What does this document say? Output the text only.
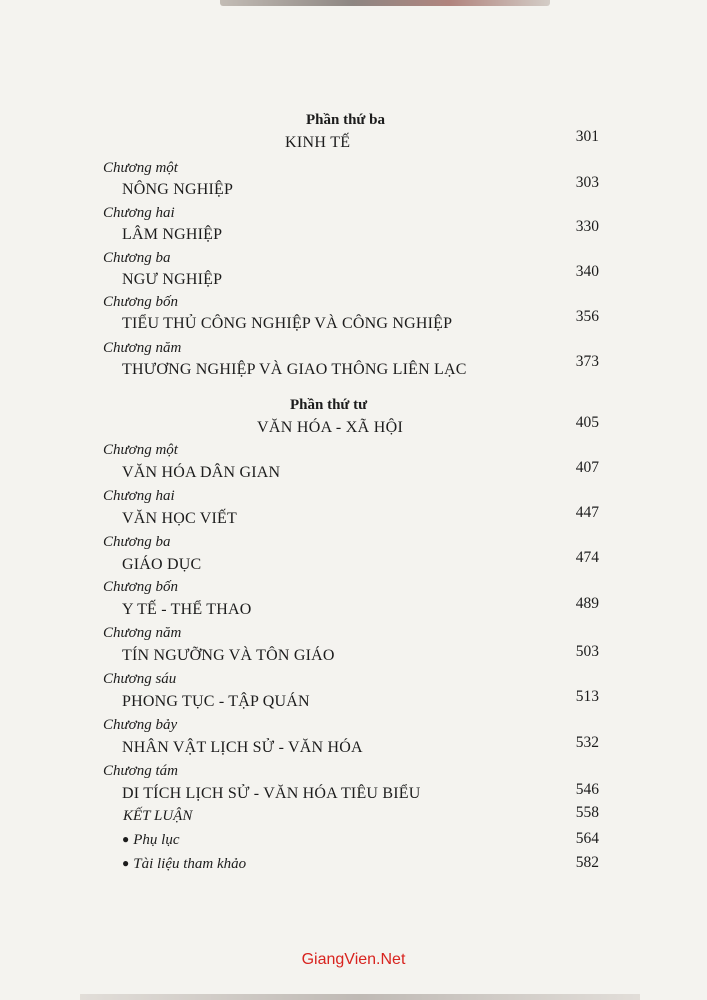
Phần thứ ba
KINH TẾ	301
Chương một
NÔNG NGHIỆP	303
Chương hai
LÂM NGHIỆP	330
Chương ba
NGƯ NGHIỆP	340
Chương bốn
TIỂU THỦ CÔNG NGHIỆP VÀ CÔNG NGHIỆP	356
Chương năm
THƯƠNG NGHIỆP VÀ GIAO THÔNG LIÊN LẠC	373
Phần thứ tư
VĂN HÓA - XÃ HỘI	405
Chương một
VĂN HÓA DÂN GIAN	407
Chương hai
VĂN HỌC VIẾT	447
Chương ba
GIÁO DỤC	474
Chương bốn
Y TẾ - THỂ THAO	489
Chương năm
TÍN NGƯỠNG VÀ TÔN GIÁO	503
Chương sáu
PHONG TỤC - TẬP QUÁN	513
Chương bảy
NHÂN VẬT LỊCH SỬ - VĂN HÓA	532
Chương tám
DI TÍCH LỊCH SỬ - VĂN HÓA TIÊU BIỂU	546
KẾT LUẬN	558
● Phụ lục	564
● Tài liệu tham khảo	582
GiangVien.Net
